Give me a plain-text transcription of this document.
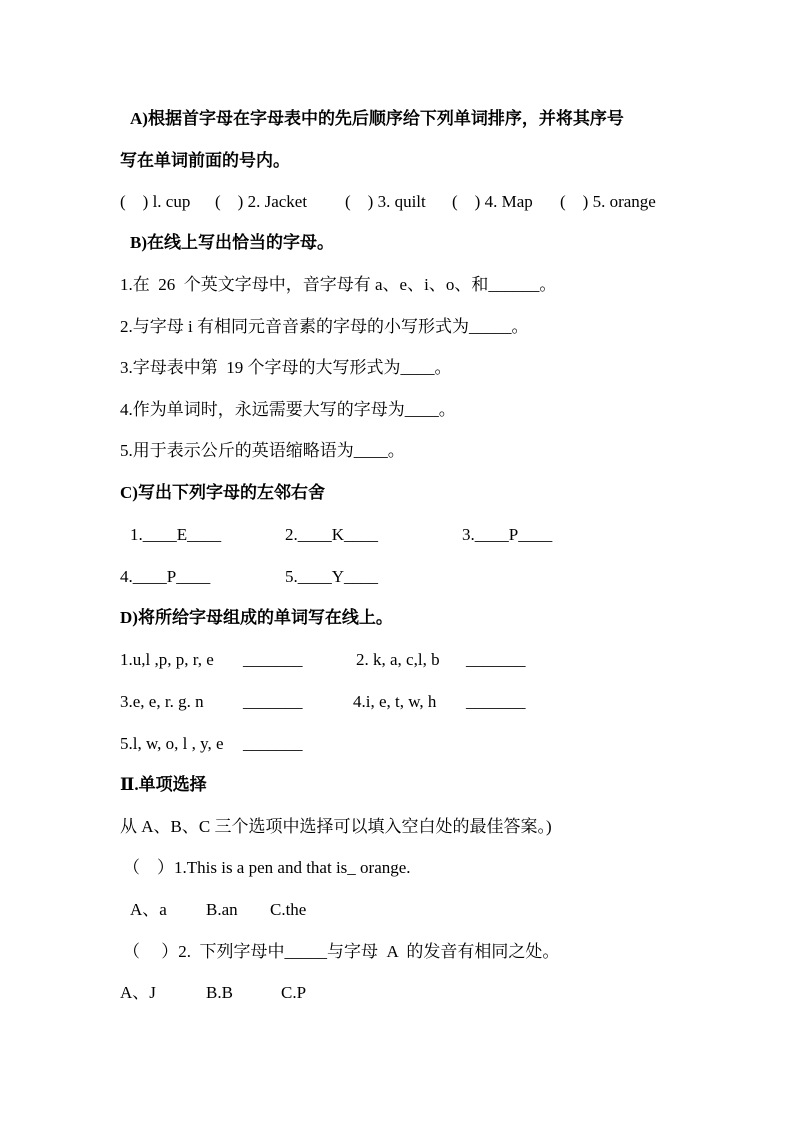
A)根据首字母在字母表中的先后顺序给下列单词排序，并将其序号
写在单词前面的号内。
(    ) l. cup (    ) 2. Jacket (    ) 3. quilt (    ) 4. Map (    ) 5. orange
B)在线上写出恰当的字母。
1.在  26  个英文字母中，音字母有 a、e、i、o、和______。
2.与字母 i 有相同元音音素的字母的小写形式为_____。
3.字母表中第  19 个字母的大写形式为____。
4.作为单词时，永远需要大写的字母为____。
5.用于表示公斤的英语缩略语为____。
C)写出下列字母的左邻右舍
1.____E____	2.____K____	3.____P____
4.____P____	5.____Y____
D)将所给字母组成的单词写在线上。
1.u,l ,p, p, r, e _______	2. k, a, c,l, b _______
3.e, e, r. g. n _______	4.i, e, t, w, h _______
5.l, w, o, l , y, e _______
Ⅱ.单项选择
从 A、B、C 三个选项中选择可以填入空白处的最佳答案。)
（    ）1.This is a pen and that is_ orange.
A、a B.an C.the
（     ）2.  下列字母中_____与字母  A  的发音有相同之处。
A、J	B.B	C.P
